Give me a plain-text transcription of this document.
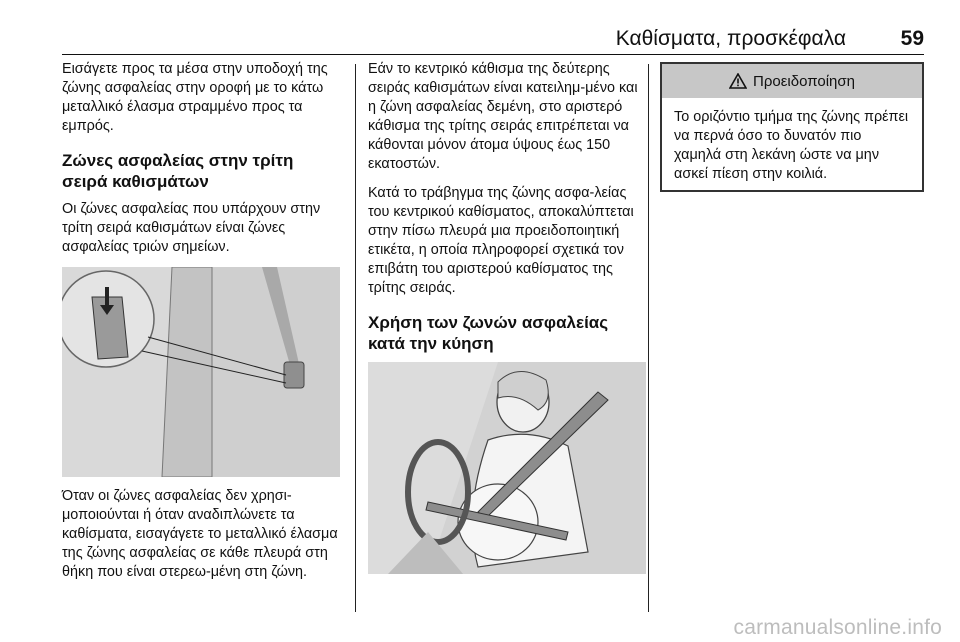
Καθίσματα, προσκέφαλα	59

Εισάγετε προς τα μέσα στην υποδοχή της ζώνης ασφαλείας στην οροφή με το κάτω μεταλλικό έλασμα στραμμένο προς τα εμπρός.

Ζώνες ασφαλείας στην τρίτη σειρά καθισμάτων

Οι ζώνες ασφαλείας που υπάρχουν στην τρίτη σειρά καθισμάτων είναι ζώνες ασφαλείας τριών σημείων.

Όταν οι ζώνες ασφαλείας δεν χρησι-μοποιούνται ή όταν αναδιπλώνετε τα καθίσματα, εισαγάγετε το μεταλλικό έλασμα της ζώνης ασφαλείας σε κάθε πλευρά στη θήκη που είναι στερεω-μένη στη ζώνη.

Εάν το κεντρικό κάθισμα της δεύτερης σειράς καθισμάτων είναι κατειλημ-μένο και η ζώνη ασφαλείας δεμένη, στο αριστερό κάθισμα της τρίτης σειράς επιτρέπεται να κάθονται μόνον άτομα ύψους έως 150 εκατοστών.

Κατά το τράβηγμα της ζώνης ασφα-λείας του κεντρικού καθίσματος, αποκαλύπτεται στην πίσω πλευρά μια προειδοποιητική ετικέτα, η οποία πληροφορεί σχετικά τον επιβάτη του αριστερού καθίσματος της τρίτης σειράς.

Χρήση των ζωνών ασφαλείας κατά την κύηση
Προειδοποίηση
Το οριζόντιο τμήμα της ζώνης πρέπει να περνά όσο το δυνατόν πιο χαμηλά στη λεκάνη ώστε να μην ασκεί πίεση στην κοιλιά.
carmanualsonline.info
